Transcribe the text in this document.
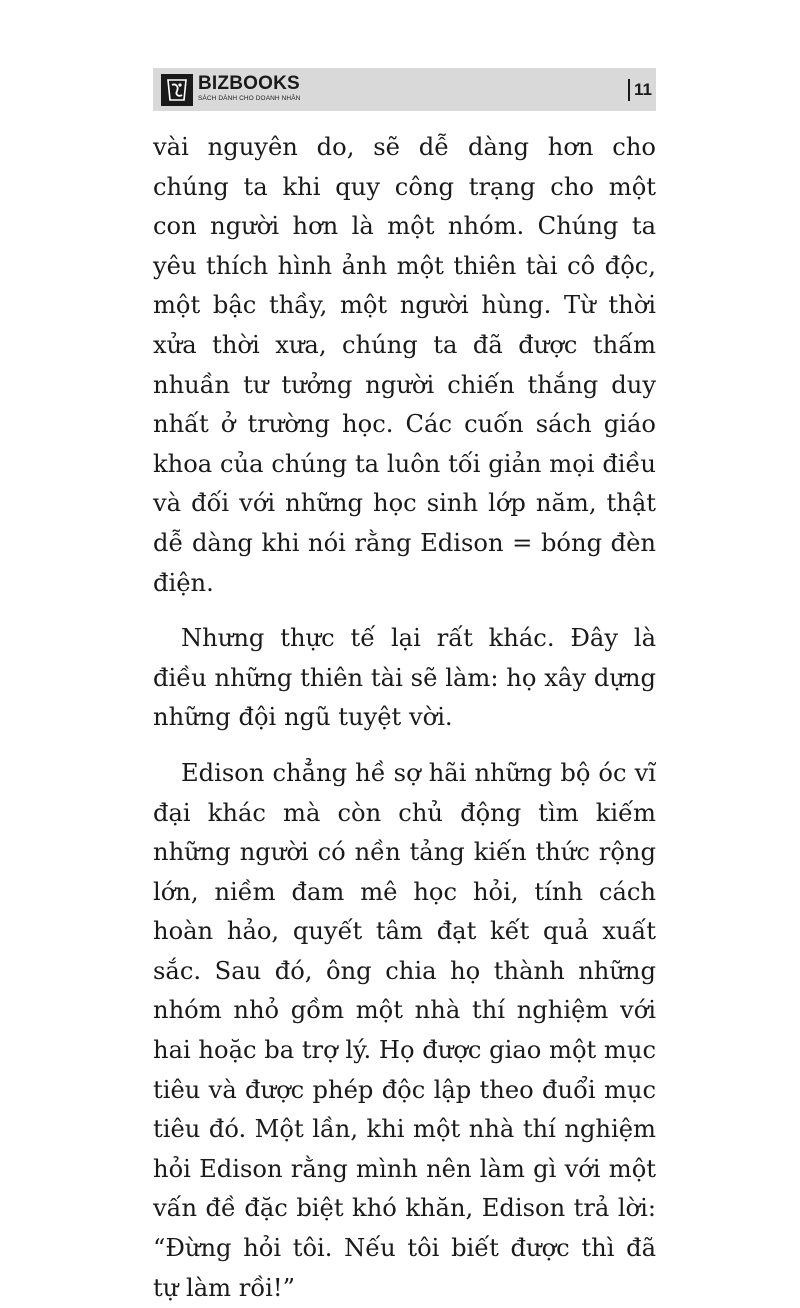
BIZBOOKS
SÁCH DÀNH CHO DOANH NHÂN	11

vài nguyên do, sẽ dễ dàng hơn cho chúng ta khi quy công trạng cho một con người hơn là một nhóm. Chúng ta yêu thích hình ảnh một thiên tài cô độc, một bậc thầy, một người hùng. Từ thời xửa thời xưa, chúng ta đã được thấm nhuần tư tưởng người chiến thắng duy nhất ở trường học. Các cuốn sách giáo khoa của chúng ta luôn tối giản mọi điều và đối với những học sinh lớp năm, thật dễ dàng khi nói rằng Edison = bóng đèn điện.

Nhưng thực tế lại rất khác. Đây là điều những thiên tài sẽ làm: họ xây dựng những đội ngũ tuyệt vời.

Edison chẳng hề sợ hãi những bộ óc vĩ đại khác mà còn chủ động tìm kiếm những người có nền tảng kiến thức rộng lớn, niềm đam mê học hỏi, tính cách hoàn hảo, quyết tâm đạt kết quả xuất sắc. Sau đó, ông chia họ thành những nhóm nhỏ gồm một nhà thí nghiệm với hai hoặc ba trợ lý. Họ được giao một mục tiêu và được phép độc lập theo đuổi mục tiêu đó. Một lần, khi một nhà thí nghiệm hỏi Edison rằng mình nên làm gì với một vấn đề đặc biệt khó khăn, Edison trả lời: “Đừng hỏi tôi. Nếu tôi biết được thì đã tự làm rồi!”
